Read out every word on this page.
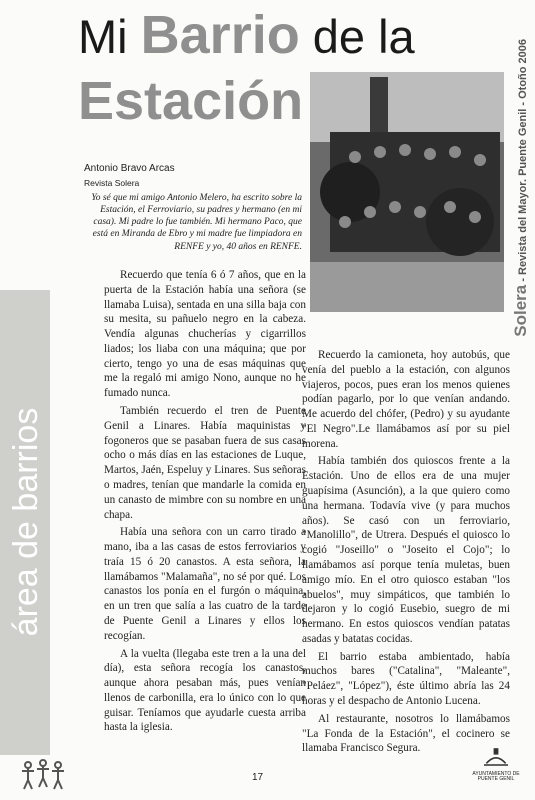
Mi Barrio de la
Estación
Antonio Bravo Arcas
Revista Solera
Yo sé que mi amigo Antonio Melero, ha escrito sobre la Estación, el Ferroviario, su padres y hermano (en mi casa). Mi padre lo fue también. Mi hermano Paco, que está en Miranda de Ebro y mi madre fue limpiadora en RENFE y yo, 40 años en RENFE.
Solera - Revista del Mayor. Puente Genil - Otoño 2006
área de barrios

Recuerdo que tenía 6 ó 7 años, que en la puerta de la Estación había una señora (se llamaba Luisa), sentada en una silla baja con su mesita, su pañuelo negro en la cabeza. Vendía algunas chucherías y cigarrillos liados; los liaba con una máquina; que por cierto, tengo yo una de esas máquinas que me la regaló mi amigo Nono, aunque no he fumado nunca.

También recuerdo el tren de Puente Genil a Linares. Había maquinistas y fogoneros que se pasaban fuera de sus casas ocho o más días en las estaciones de Luque, Martos, Jaén, Espeluy y Linares. Sus señoras o madres, tenían que mandarle la comida en un canasto de mimbre con su nombre en una chapa.

Había una señora con un carro tirado a mano, iba a las casas de estos ferroviarios y traía 15 ó 20 canastos. A esta señora, la llamábamos "Malamaña", no sé por qué. Los canastos los ponía en el furgón o máquina, en un tren que salía a las cuatro de la tarde de Puente Genil a Linares y ellos los recogían.

A la vuelta (llegaba este tren a la una del día), esta señora recogía los canastos, aunque ahora pesaban más, pues venían llenos de carbonilla, era lo único con lo que guisar. Teníamos que ayudarle cuesta arriba hasta la iglesia.

Recuerdo la camioneta, hoy autobús, que venía del pueblo a la estación, con algunos viajeros, pocos, pues eran los menos quienes podían pagarlo, por lo que venían andando. Me acuerdo del chófer, (Pedro) y su ayudante "El Negro".Le llamábamos así por su piel morena.

Había también dos quioscos frente a la Estación. Uno de ellos era de una mujer guapísima (Asunción), a la que quiero como una hermana. Todavía vive (y para muchos años). Se casó con un ferroviario, "Manolillo", de Utrera. Después el quiosco lo cogió "Joseillo" o "Joseito el Cojo"; lo llamábamos así porque tenía muletas, buen amigo mío. En el otro quiosco estaban "los abuelos", muy simpáticos, que también lo dejaron y lo cogió Eusebio, suegro de mi hermano. En estos quioscos vendían patatas asadas y batatas cocidas.

El barrio estaba ambientado, había muchos bares ("Catalina", "Maleante", "Peláez", "López"), éste último abría las 24 horas y el despacho de Antonio Lucena.

Al restaurante, nosotros lo llamábamos "La Fonda de la Estación", el cocinero se llamaba Francisco Segura.

17	AYUNTAMIENTO DE
PUENTE GENIL
